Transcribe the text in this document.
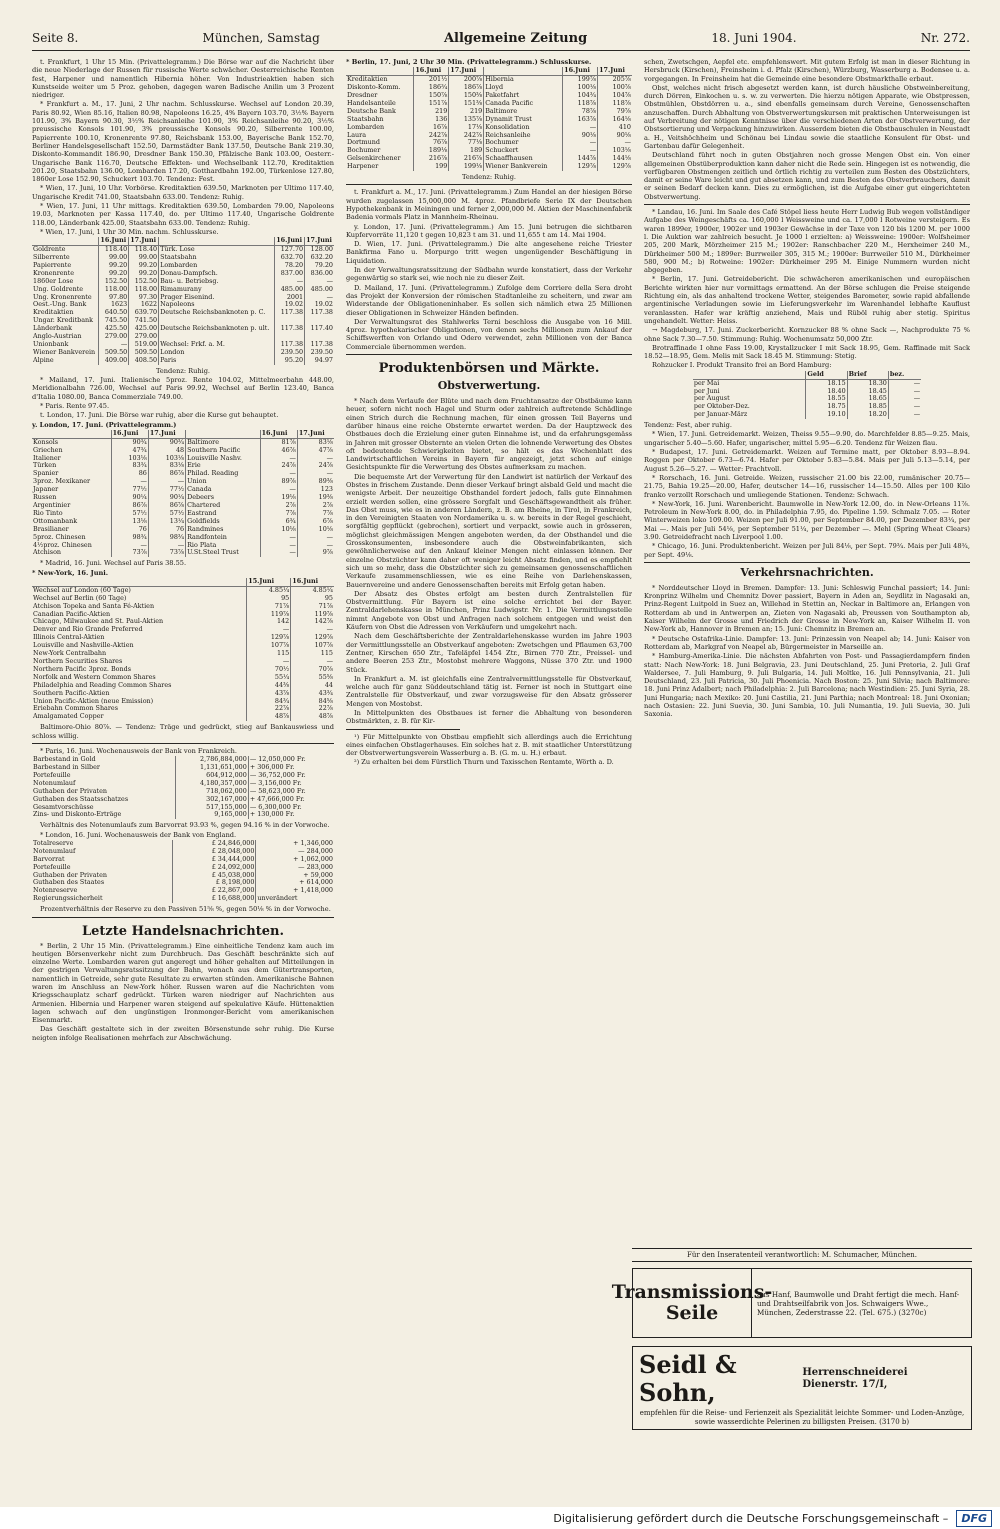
Seite 8.	München, Samstag	Allgemeine Zeitung	18. Juni 1904.	Nr. 272.

t. Frankfurt, 1 Uhr 15 Min. (Privattelegramm.) Die Börse war auf die Nachricht über die neue Niederlage der Russen für russische Werte schwächer. Oesterreichische Renten fest, Harpener und namentlich Hibernia höher. Von Industrieaktien haben sich Kunstseide weiter um 5 Proz. gehoben, dagegen waren Badische Anilin um 3 Prozent niedriger.

* Frankfurt a. M., 17. Juni, 2 Uhr nachm. Schlusskurse. Wechsel auf London 20.39, Paris 80.92, Wien 85.16, Italien 80.98, Napoleons 16.25, 4% Bayern 103.70, 3½% Bayern 101.90, 3% Bayern 90.30, 3½% Reichsanleihe 101.90, 3% Reichsanleihe 90.20, 3½% preussische Konsols 101.90, 3% preussische Konsols 90.20, Silberrente 100.00, Papierrente 100.10, Kronenrente 97.80, Reichsbank 153.00, Bayerische Bank 152.70, Berliner Handelsgesellschaft 152.50, Darmstädter Bank 137.50, Deutsche Bank 219.30, Diskonto-Kommandit 186.90, Dresdner Bank 150.30, Pfälzische Bank 103.00, Oesterr.-Ungarische Bank 116.70, Deutsche Effekten- und Wechselbank 112.70, Kreditaktien 201.20, Staatsbahn 136.00, Lombarden 17.20, Gotthardbahn 192.00, Türkenlose 127.80, 1860er Lose 152.90, Schuckert 103.70. Tendenz: Fest.

* Wien, 17. Juni, 10 Uhr. Vorbörse. Kreditaktien 639.50, Marknoten per Ultimo 117.40, Ungarische Kredit 741.00, Staatsbahn 633.00. Tendenz: Ruhig.

* Wien, 17. Juni, 11 Uhr mittags. Kreditaktien 639.50, Lombarden 79.00, Napoleons 19.03, Marknoten per Kassa 117.40, do. per Ultimo 117.40, Ungarische Goldrente 118.00, Länderbank 425.00, Staatsbahn 633.00. Tendenz: Ruhig.

* Wien, 17. Juni, 1 Uhr 30 Min. nachm. Schlusskurse.

	16.Juni	17.Juni		16.Juni	17.Juni
Goldrente	118.40	118.40	Türk. Lose	127.70	128.00
Silberrente	99.00	99.00	Staatsbahn	632.70	632.20
Papierrente	99.20	99.20	Lombarden	78.20	79.20
Kronenrente	99.20	99.20	Donau-Dampfsch.	837.00	836.00
1860er Lose	152.50	152.50	Bau- u. Betriebsg.	—	—
Ung. Goldrente	118.00	118.00	Rimamurany	485.00	485.00
Ung. Kronenrente	97.80	97.30	Prager Eisenind.	2001	—
Oest.-Ung. Bank	1623	1622	Napoleons	19.02	19.02
Kreditaktien	640.50	639.70	Deutsche Reichsbanknoten p. C.	117.38	117.38
Ungar. Kreditbank	745.50	741.50			
Länderbank	425.50	425.00	Deutsche Reichsbanknoten p. ult.	117.38	117.40
Anglo-Austrian	279.00	279.00			
Unionbank	—	519.00	Wechsel: Frkf. a. M.	117.38	117.38
Wiener Bankverein	509.50	509.50	London	239.50	239.50
Alpine	409.00	408.50	Paris	95.20	94.97

Tendenz: Ruhig.

* Mailand, 17. Juni. Italienische 5proz. Rente 104.02, Mittelmeerbahn 448.00, Meridionalbahn 726.00, Wechsel auf Paris 99.92, Wechsel auf Berlin 123.40, Banca d'Italia 1080.00, Banca Commerziale 749.00.

* Paris. Rente 97.45.

t. London, 17. Juni. Die Börse war ruhig, aber die Kurse gut behauptet.

y. London, 17. Juni. (Privattelegramm.)

	16.Juni	17.Juni		16.Juni	17.Juni
Konsols	90¾	90¾	Baltimore	81⅞	83⅛
Griechen	47¾	48	Southern Pacific	46⅞	47⅞
Italiener	103⅛	103⅛	Louisville Nashv.	—	—
Türken	83¾	83⅛	Erie	24⅞	24⅞
Spanier	86	86⅞	Philad. Reading	—	—
3proz. Mexikaner	—	—	Union	89⅞	89⅜
Japaner	77½	77½	Canada	—	123
Russen	90¼	90¼	Debeers	19⅛	19⅜
Argentinier	86⅞	86⅞	Chartered	2⅞	2⅞
Rio Tinto	57½	57½	Eastrand	7⅞	7⅞
Ottomanbank	13⅛	13¼	Goldfields	6¾	6⅞
Brasilianer	76	76	Randmines	10⅛	10⅛
5proz. Chinesen	98¾	98¾	Randfontein	—	—
4½proz. Chinesen	—	—	Rio Plata	—	—
Atchison	73⅞	73⅞	U.St.Steel Trust	—	9⅞

* Madrid, 16. Juni. Wechsel auf Paris 38.55.

* New-York, 16. Juni.

	15.Juni	16.Juni
Wechsel auf London (60 Tage)	4.85¼	4.85¼
Wechsel auf Berlin (60 Tage)	95	95
Atchison Topeka and Santa Fé-Aktien	71⅞	71⅞
Canadian Pacific-Aktien	119⅞	119⅞
Chicago, Milwaukee and St. Paul-Aktien	142	142⅞
Denver and Rio Grande Preferred	—	—
Illinois Central-Aktien	129⅞	129⅞
Louisville and Nashville-Aktien	107⅞	107⅞
New-York Centralbahn	115	115
Northern Securities Shares	—	—
Northern Pacific 3proz. Bonds	70½	70⅞
Norfolk and Western Common Shares	55¼	55⅝
Philadelphia and Reading Common Shares	44⅜	44
Southern Pacific-Aktien	43⅞	43¾
Union Pacific-Aktien (neue Emission)	84¾	84⅝
Eriebahn Common Shares	22⅞	22⅞
Amalgamated Copper	48⅞	48⅞

Baltimore-Ohio 80⅞. — Tendenz: Träge und gedrückt, stieg auf Bankauswiess und schloss willig.

* Paris, 16. Juni. Wochenausweis der Bank von Frankreich.

Barbestand in Gold	2,786,884,000	— 12,050,000 Fr.
Barbestand in Silber	1,131,651,000	+ 306,000 Fr.
Portefeuille	604,912,000	— 36,752,000 Fr.
Notenumlauf	4,180,357,000	— 3,156,000 Fr.
Guthaben der Privaten	718,062,000	— 58,623,000 Fr.
Guthaben des Staatsschatzes	302,167,000	+ 47,666,000 Fr.
Gesamtvorschüsse	517,155,000	— 6,300,000 Fr.
Zins- und Diskonto-Erträge	9,165,000	+ 130,000 Fr.

Verhältnis des Notenumlaufs zum Barvorrat 93.93 %, gegen 94.16 % in der Vorwoche.

* London, 16. Juni. Wochenausweis der Bank von England.

Totalreserve	£ 24,846,000	+ 1,346,000
Notenumlauf	£ 28,048,000	— 284,000
Barvorrat	£ 34,444,000	+ 1,062,000
Portefeuille	£ 24,092,000	— 283,000
Guthaben der Privaten	£ 45,038,000	+ 59,000
Guthaben des Staates	£ 8,198,000	+ 614,000
Notenreserve	£ 22,867,000	+ 1,418,000
Regierungssicherheit	£ 16,688,000	unverändert

Prozentverhältnis der Reserve zu den Passiven 51⅝ %, gegen 50⅛ % in der Vorwoche.

Letzte Handelsnachrichten.

* Berlin, 2 Uhr 15 Min. (Privattelegramm.) Eine einheitliche Tendenz kam auch im heutigen Börsenverkehr nicht zum Durchbruch. Das Geschäft beschränkte sich auf einzelne Werte. Lombarden waren gut angeregt und höher gehalten auf Mitteilungen in der gestrigen Verwaltungsratssitzung der Bahn, wonach aus dem Gütertransporten, namentlich in Getreide, sehr gute Resultate zu erwarten stünden. Amerikanische Bahnen waren im Anschluss an New-York höher. Russen waren auf die Nachrichten vom Kriegsschauplatz scharf gedrückt. Türken waren niedriger auf Nachrichten aus Armenien. Hibernia und Harpener waren steigend auf spekulative Käufe. Hüttenaktien lagen schwach auf den ungünstigen Ironmonger-Bericht vom amerikanischen Eisenmarkt.

Das Geschäft gestaltete sich in der zweiten Börsenstunde sehr ruhig. Die Kurse neigten infolge Realisationen mehrfach zur Abschwächung.

* Berlin, 17. Juni, 2 Uhr 30 Min. (Privattelegramm.) Schlusskurse.

	16.Juni	17.Juni		16.Juni	17.Juni
Kreditaktien	201½	200⅞	Hibernia	199⅞	205⅞
Diskonto-Komm.	186¾	186⅞	Lloyd	100⅛	100⅞
Dresdner	150⅞	150⅜	Paketfahrt	104¾	104⅞
Handelsanteile	151⅞	151⅜	Canada Pacific	118⅞	118⅞
Deutsche Bank	219	219	Baltimore	78⅞	79⅞
Staatsbahn	136	135⅞	Dynamit Trust	163⅞	164⅛
Lombarden	16⅞	17⅛	Konsolidation	—	410
Laura	242⅞	242⅞	Reichsanleihe	90⅛	90⅛
Dortmund	76⅞	77⅛	Bochumer	—	—
Bochumer	189⅛	189	Schuckert	—	103⅛
Gelsenkirchener	216⅞	216⅞	Schaaffhausen	144⅞	144⅛
Harpener	199	199⅛	Wiener Bankverein	129⅞	129⅞

Tendenz: Ruhig.

t. Frankfurt a. M., 17. Juni. (Privattelegramm.) Zum Handel an der hiesigen Börse wurden zugelassen 15,000,000 M. 4proz. Pfandbriefe Serie IX der Deutschen Hypothekenbank in Meiningen und ferner 2,000,000 M. Aktien der Maschinenfabrik Badenia vormals Platz in Mannheim-Rheinau.

y. London, 17. Juni. (Privattelegramm.) Am 15. Juni betrugen die sichtbaren Kupfervorräte 11,120 t gegen 10,823 t am 31. und 11,655 t am 14. Mai 1904.

D. Wien, 17. Juni. (Privattelegramm.) Die alte angesehene reiche Triester Bankfirma Fano u. Morpurgo tritt wegen ungenügender Beschäftigung in Liquidation.

In der Verwaltungsratssitzung der Südbahn wurde konstatiert, dass der Verkehr gegenwärtig so stark sei, wie noch nie zu dieser Zeit.

D. Mailand, 17. Juni. (Privattelegramm.) Zufolge dem Corriere della Sera droht das Projekt der Konversion der römischen Stadtanleihe zu scheitern, und zwar am Widerstande der Obligationeninhaber. Es sollen sich nämlich etwa 25 Millionen dieser Obligationen in Schweizer Händen befinden.

Der Verwaltungsrat des Stahlwerks Terni beschloss die Ausgabe von 16 Mill. 4proz. hypothekarischer Obligationen, von denen sechs Millionen zum Ankauf der Schiffswerften von Orlando und Odero verwendet, zehn Millionen von der Banca Commerciale übernommen werden.

Produktenbörsen und Märkte.

Obstverwertung.

* Nach dem Verlaufe der Blüte und nach dem Fruchtansatze der Obstbäume kann heuer, sofern nicht noch Hagel und Sturm oder zahlreich auftretende Schädlinge einen Strich durch die Rechnung machen, für einen grossen Teil Bayerns und darüber hinaus eine reiche Obsternte erwartet werden. Da der Hauptzweck des Obstbaues doch die Erzielung einer guten Einnahme ist, und da erfahrungsgemäss in Jahren mit grosser Obsternte an vielen Orten die lohnende Verwertung des Obstes oft bedeutende Schwierigkeiten bietet, so hält es das Wochenblatt des Landwirtschaftlichen Vereins in Bayern für angezeigt, jetzt schon auf einige Gesichtspunkte für die Verwertung des Obstes aufmerksam zu machen.

Die bequemste Art der Verwertung für den Landwirt ist natürlich der Verkauf des Obstes in frischem Zustande. Denn dieser Verkauf bringt alsbald Geld und macht die wenigste Arbeit. Der neuzeitige Obsthandel fordert jedoch, falls gute Einnahmen erzielt werden sollen, eine grössere Sorgfalt und Geschäftsgewandtheit als früher. Das Obst muss, wie es in anderen Ländern, z. B. am Rheine, in Tirol, in Frankreich, in den Vereinigten Staaten von Nordamerika u. s. w. bereits in der Regel geschieht, sorgfältig gepflückt (gebrochen), sortiert und verpackt, sowie auch in grösseren, möglichst gleichmässigen Mengen angeboten werden, da der Obsthandel und die Grosskonsumenten, insbesondere auch die Obstweinfabrikanten, sich gewöhnlicherweise auf den Ankauf kleiner Mengen nicht einlassen können. Der einzelne Obstzüchter kann daher oft weniger leicht Absatz finden, und es empfiehlt sich um so mehr, dass die Obstzüchter sich zu gemeinsamen genossenschaftlichen Verkaufe zusammenschliessen, wie es eine Reihe von Darlehenskassen, Bauernvereine und andere Genossenschaften bereits mit Erfolg getan haben.

Der Absatz des Obstes erfolgt am besten durch Zentralstellen für Obstvermittlung. Für Bayern ist eine solche errichtet bei der Bayer. Zentraldarlehenskasse in München, Prinz Ludwigstr. Nr. 1. Die Vermittlungsstelle nimmt Angebote von Obst und Anfragen nach solchem entgegen und weist den Käufern von Obst die Adressen von Verkäufern und umgekehrt nach.

Nach dem Geschäftsberichte der Zentraldarlehenskasse wurden im Jahre 1903 der Vermittlungsstelle an Obstverkauf angeboten: Zwetschgen und Pflaumen 63,700 Zentner, Kirschen 650 Ztr., Tafeläpfel 1454 Ztr., Birnen 770 Ztr., Preissel- und andere Beeren 253 Ztr., Mostobst mehrere Waggons, Nüsse 370 Ztr. und 1900 Stück.

In Frankfurt a. M. ist gleichfalls eine Zentralvermittlungsstelle für Obstverkauf, welche auch für ganz Süddeutschland tätig ist. Ferner ist noch in Stuttgart eine Zentralstelle für Obstverkauf, und zwar vorzugsweise für den Absatz grösserer Mengen von Mostobst.

In Mittelpunkten des Obstbaues ist ferner die Abhaltung von besonderen Obstmärkten, z. B. für Kir-

¹) Für Mittelpunkte von Obstbau empfiehlt sich allerdings auch die Errichtung eines einfachen Obstlagerhauses. Ein solches hat z. B. mit staatlicher Unterstützung der Obstverwertungsverein Wasserburg a. B. (G. m. u. H.) erbaut.

²) Zu erhalten bei dem Fürstlich Thurn und Taxisschen Rentamte, Wörth a. D.

schen, Zwetschgen, Aepfel etc. empfehlenswert. Mit gutem Erfolg ist man in dieser Richtung in Hersbruck (Kirschen), Freinsheim i. d. Pfalz (Kirschen), Würzburg, Wasserburg a. Bodensee u. a. vorgegangen. In Freinsheim hat die Gemeinde eine besondere Obstmarkthalle erbaut.

Obst, welches nicht frisch abgesetzt werden kann, ist durch häusliche Obstweinbereitung, durch Dörren, Einkochen u. s. w. zu verwerten. Die hierzu nötigen Apparate, wie Obstpressen, Obstmühlen, Obstdörren u. a., sind ebenfalls gemeinsam durch Vereine, Genossenschaften anzuschaffen. Durch Abhaltung von Obstverwertungskursen mit praktischen Unterweisungen ist auf Verbreitung der nötigen Kenntnisse über die verschiedenen Arten der Obstverwertung, der Obstsortierung und Verpackung hinzuwirken. Ausserdem bieten die Obstbauschulen in Neustadt a. H., Veitshöchheim und Schönau bei Lindau sowie die staatliche Konsulent für Obst- und Gartenbau dafür Gelegenheit.

Deutschland führt noch in guten Obstjahren noch grosse Mengen Obst ein. Von einer allgemeinen Obstüberproduktion kann daher nicht die Rede sein. Hingegen ist es notwendig, die verfügbaren Obstmengen zeitlich und örtlich richtig zu verteilen zum Besten des Obstzüchters, damit er seine Ware leicht und gut absetzen kann, und zum Besten des Obstverbrauchers, damit er seinen Bedarf decken kann. Dies zu ermöglichen, ist die Aufgabe einer gut eingerichteten Obstverwertung.

* Landau, 16. Juni. Im Saale des Café Stöpel liess heute Herr Ludwig Bub wegen vollständiger Aufgabe des Weingeschäfts ca. 160,000 l Weissweine und ca. 17,000 l Rotweine versteigern. Es waren 1899er, 1900er, 1902er und 1903er Gewächse in der Taxe von 120 bis 1200 M. per 1000 l. Die Auktion war zahlreich besucht. Je 1000 l erzielten: a) Weissweine: 1900er: Wolfsheimer 205, 200 Mark, Mörzheimer 215 M.; 1902er: Ranschbacher 220 M., Herxheimer 240 M., Dürkheimer 500 M.; 1899er: Burrweiler 305, 315 M.; 1900er: Burrweiler 510 M., Dürkheimer 580, 900 M.; b) Rotweine: 1902er: Dürkheimer 295 M. Einige Nummern wurden nicht abgegeben.

* Berlin, 17. Juni. Getreidebericht. Die schwächeren amerikanischen und europäischen Berichte wirkten hier nur vormittags ermattend. An der Börse schlugen die Preise steigende Richtung ein, als das anhaltend trockene Wetter, steigendes Barometer, sowie rapid abfallende argentinische Verladungen sowie im Lieferungsverkehr im Warenhandel lebhafte Kauflust veranlassten. Hafer war kräftig anziehend, Mais und Rüböl ruhig aber stetig. Spiritus ungehandelt. Wetter: Heiss.

→ Magdeburg, 17. Juni. Zuckerbericht. Kornzucker 88 % ohne Sack —, Nachprodukte 75 % ohne Sack 7.30—7.50. Stimmung: Ruhig. Wochenumsatz 50,000 Ztr.

Brotraffinade I ohne Fass 19.00, Krystallzucker I mit Sack 18.95, Gem. Raffinade mit Sack 18.52—18.95, Gem. Melis mit Sack 18.45 M. Stimmung: Stetig.

Rohzucker I. Produkt Transito frei an Bord Hamburg:

	Geld	Brief	bez.
per Mai	18.15	18.30	—
per Juni	18.40	18.45	—
per August	18.55	18.65	—
per Oktober-Dez.	18.75	18.85	—
per Januar-März	19.10	18.20	—

Tendenz: Fest, aber ruhig.

* Wien, 17. Juni. Getreidemarkt. Weizen, Theiss 9.55—9.90, do. Marchfelder 8.85—9.25. Mais, ungarischer 5.40—5.60. Hafer, ungarischer, mittel 5.95—6.20. Tendenz für Weizen flau.

* Budapest, 17. Juni. Getreidemarkt. Weizen auf Termine matt, per Oktober 8.93—8.94. Roggen per Oktober 6.73—6.74. Hafer per Oktober 5.83—5.84. Mais per Juli 5.13—5.14, per August 5.26—5.27. — Wetter: Prachtvoll.

* Rorschach, 16. Juni. Getreide. Weizen, russischer 21.00 bis 22.00, rumänischer 20.75—21.75, Bahia 19.25—20.00, Hafer, deutscher 14—16, russischer 14—15.50. Alles per 100 Kilo franko verzollt Rorschach und umliegende Stationen. Tendenz: Schwach.

* New-York, 16. Juni. Warenbericht. Baumwolle in New-York 12.00, do. in New-Orleans 11⅞. Petroleum in New-York 8.00, do. in Philadelphia 7.95, do. Pipeline 1.59. Schmalz 7.05. — Roter Winterweizen loko 109.00. Weizen per Juli 91.00, per September 84.00, per Dezember 83¼, per Mai —. Mais per Juli 54⅛, per September 51¼, per Dezember —. Mehl (Spring Wheat Clears) 3.90. Getreidefracht nach Liverpool 1.00.

* Chicago, 16. Juni. Produktenbericht. Weizen per Juli 84⅛, per Sept. 79¾. Mais per Juli 48¾, per Sept. 49⅛.

Verkehrsnachrichten.

* Norddeutscher Lloyd in Bremen. Dampfer: 13. Juni: Schleswig Funchal passiert; 14. Juni: Kronprinz Wilhelm und Chemnitz Dover passiert, Bayern in Aden an, Seydlitz in Nagasaki an, Prinz-Regent Luitpold in Suez an, Willehad in Stettin an, Neckar in Baltimore an, Erlangen von Rotterdam ab und in Antwerpen an, Zieten von Nagasaki ab, Preussen von Southampton ab, Kaiser Wilhelm der Grosse und Friedrich der Grosse in New-York an, Kaiser Wilhelm II. von New-York ab, Hannover in Bremen an; 15. Juni: Chemnitz in Bremen an.

* Deutsche Ostafrika-Linie. Dampfer: 13. Juni: Prinzessin von Neapel ab; 14. Juni: Kaiser von Rotterdam ab, Markgraf von Neapel ab, Bürgermeister in Marseille an.

* Hamburg-Amerika-Linie. Die nächsten Abfahrten von Post- und Passagierdampfern finden statt: Nach New-York: 18. Juni Belgravia, 23. Juni Deutschland, 25. Juni Pretoria, 2. Juli Graf Waldersee, 7. Juli Hamburg, 9. Juli Bulgaria, 14. Juli Moltke, 16. Juli Pennsylvania, 21. Juli Deutschland, 23. Juli Patricia, 30. Juli Phoenicia. Nach Boston: 25. Juni Silvia; nach Baltimore: 18. Juni Prinz Adalbert; nach Philadelphia: 2. Juli Barcelona; nach Westindien: 25. Juni Syria, 28. Juni Hungaria; nach Mexiko: 20. Juni Castilia, 21. Juni Parthia; nach Montreal: 18. Juni Oxonian; nach Ostasien: 22. Juni Suevia, 30. Juni Sambia, 10. Juli Numantia, 19. Juli Suevia, 30. Juli Saxonia.

Für den Inseratenteil verantwortlich: M. Schumacher, München.
Transmissions-Seile
aus Hanf, Baumwolle und Draht fertigt die mech. Hanf- und Drahtseilfabrik von Jos. Schwaigers Wwe., München, Zederstrasse 22. (Tel. 675.) (3270c)
Seidl & Sohn,
Herrenschneiderei Dienerstr. 17/I,
empfehlen für die Reise- und Ferienzeit als Spezialität leichte Sommer- und Loden-Anzüge, sowie wasserdichte Pelerinen zu billigsten Preisen. (3170 b)
Digitalisierung gefördert durch die Deutsche Forschungsgemeinschaft –	DFG
